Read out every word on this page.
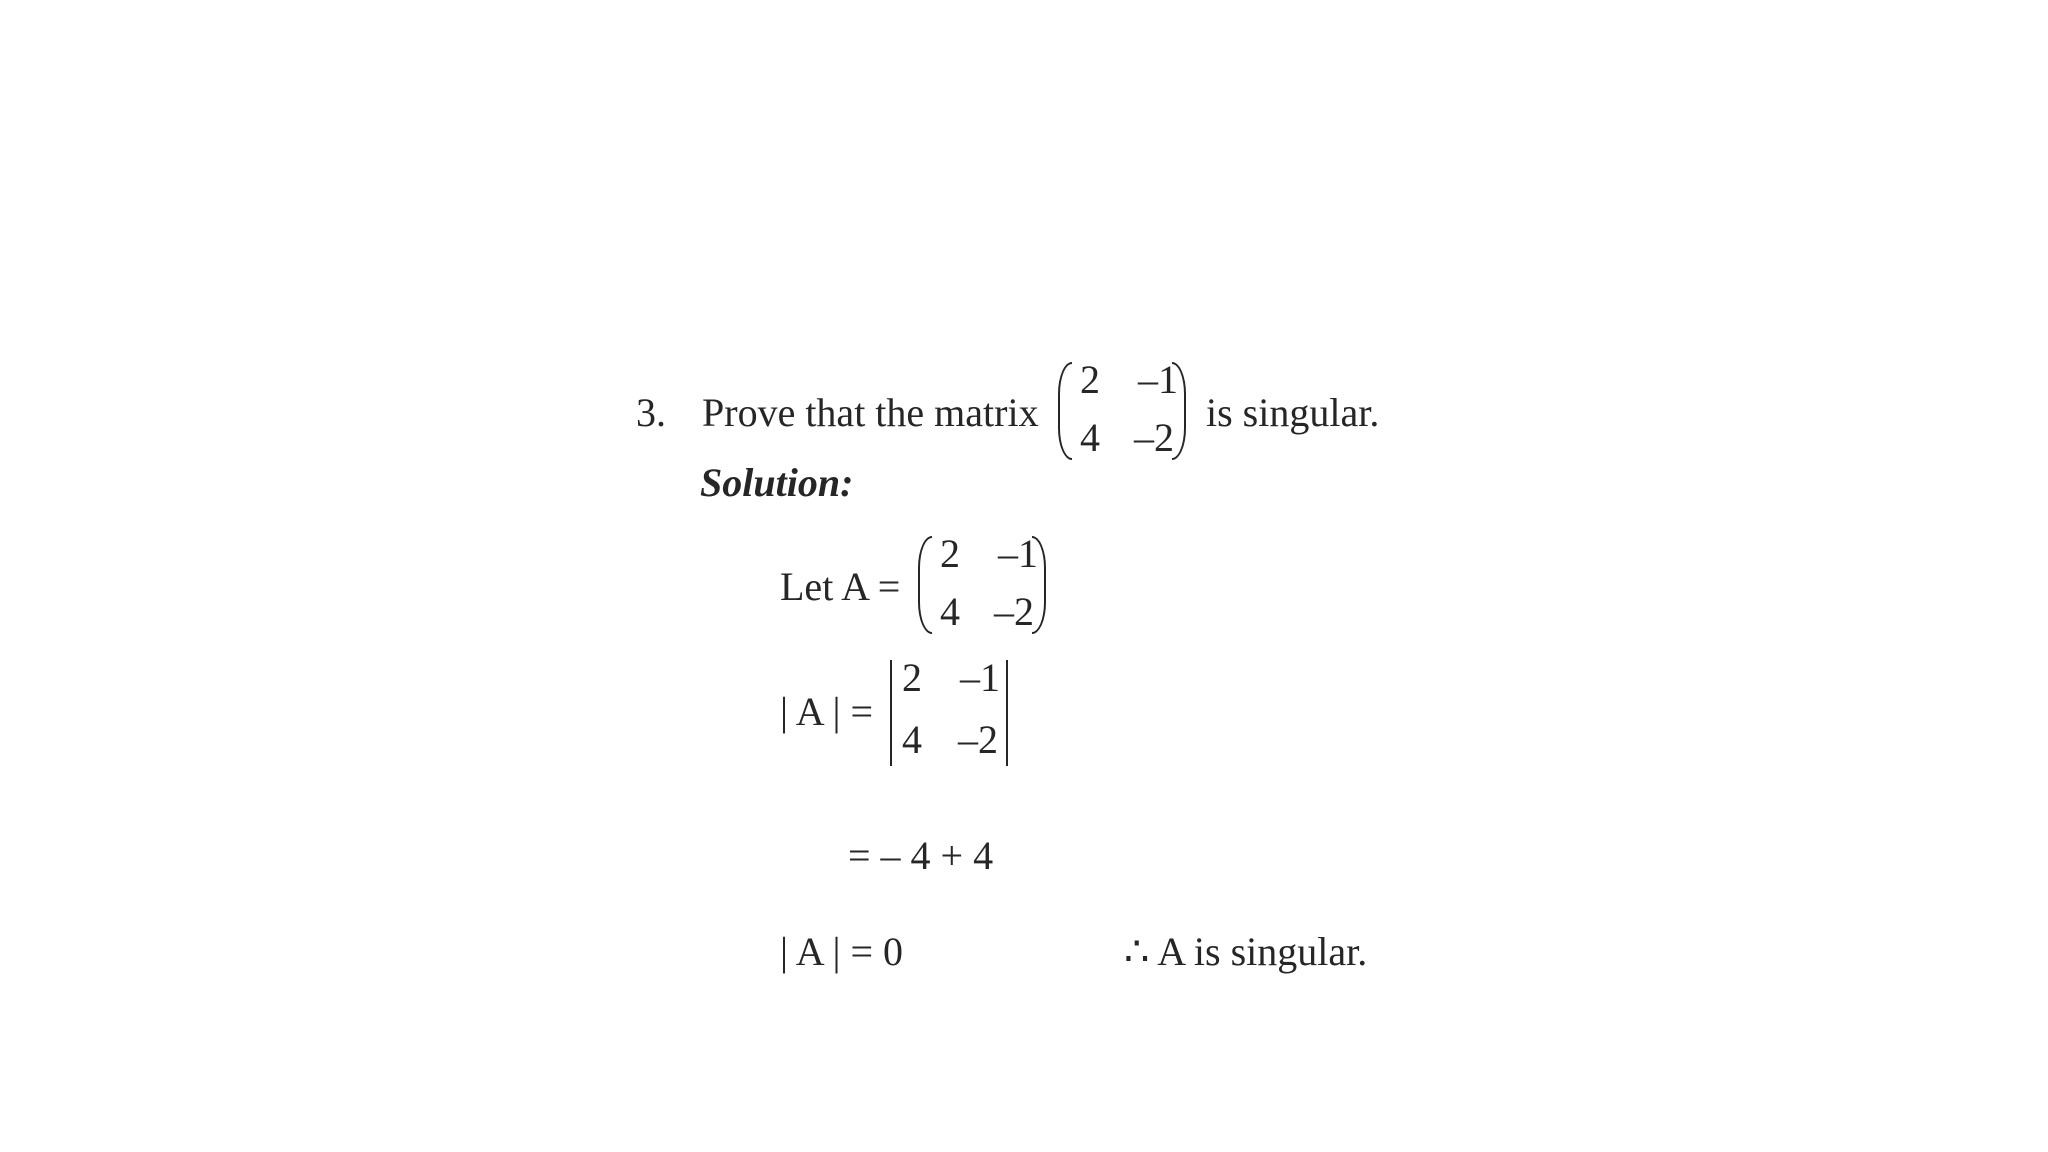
3. Prove that the matrix
2 –1
4 –2
is singular.
Solution:
Let A =
2 –1
4 –2
| A | =
2 –1
4 –2
= – 4 + 4
| A | = 0	∴ A is singular.
